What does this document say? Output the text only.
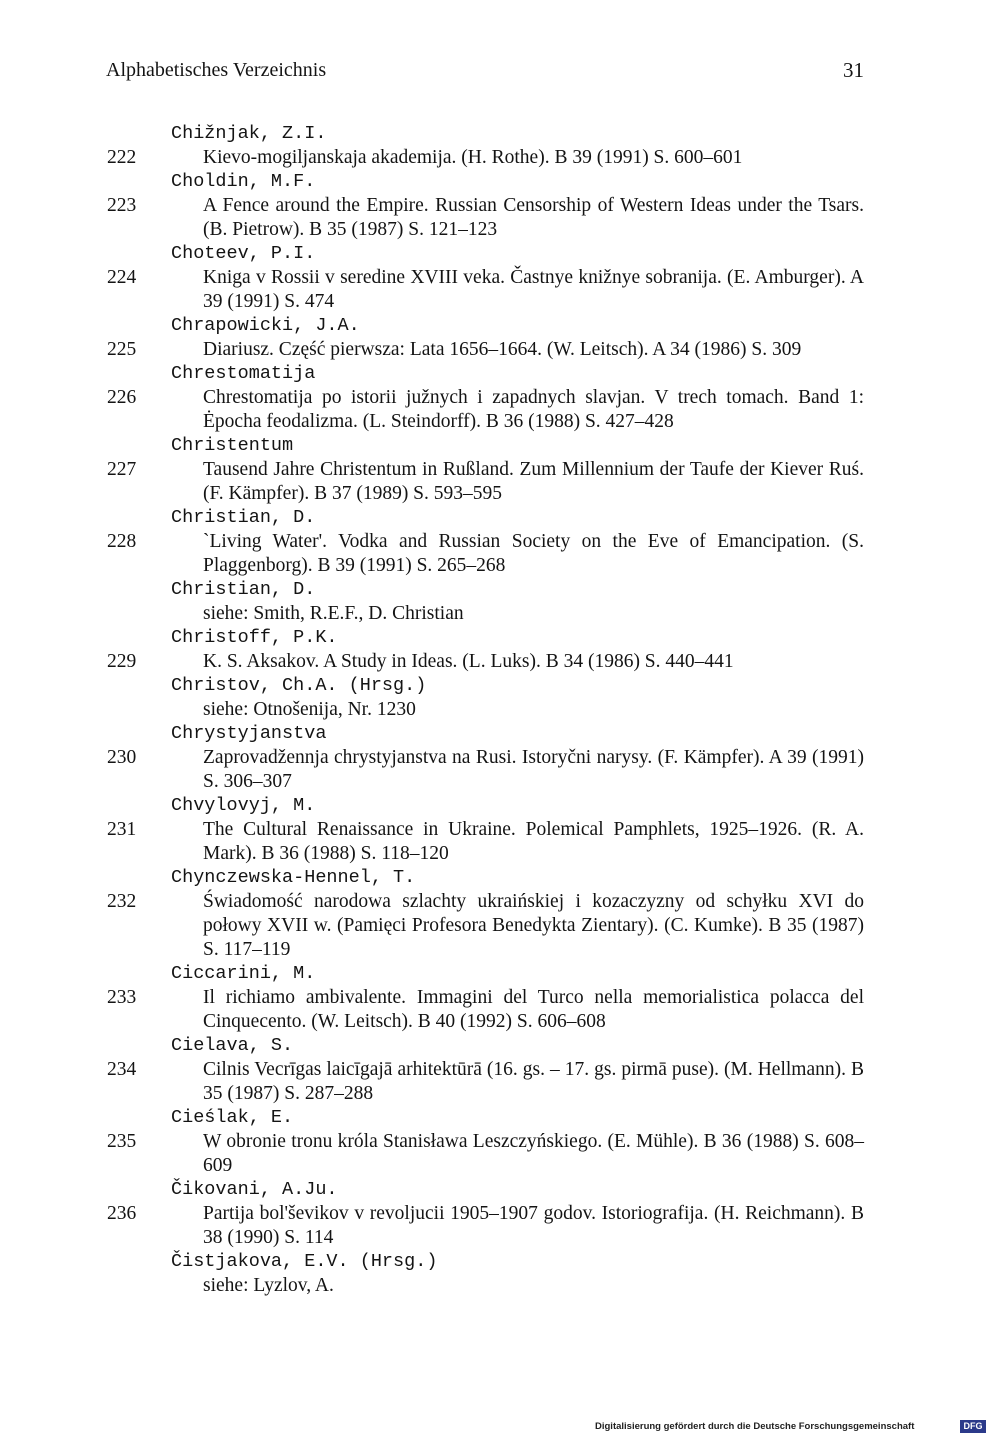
Alphabetisches Verzeichnis	31
Chižnjak, Z.I.
222	Kievo-mogiljanskaja akademija. (H. Rothe). B 39 (1991) S. 600–601
Choldin, M.F.
223	A Fence around the Empire. Russian Censorship of Western Ideas under the Tsars. (B. Pietrow). B 35 (1987) S. 121–123
Choteev, P.I.
224	Kniga v Rossii v seredine XVIII veka. Častnye knižnye sobranija. (E. Amburger). A 39 (1991) S. 474
Chrapowicki, J.A.
225	Diariusz. Część pierwsza: Lata 1656–1664. (W. Leitsch). A 34 (1986) S. 309
Chrestomatija
226	Chrestomatija po istorii južnych i zapadnych slavjan. V trech tomach. Band 1: Ėpocha feodalizma. (L. Steindorff). B 36 (1988) S. 427–428
Christentum
227	Tausend Jahre Christentum in Rußland. Zum Millennium der Taufe der Kiever Ruś. (F. Kämpfer). B 37 (1989) S. 593–595
Christian, D.
228	`Living Water'. Vodka and Russian Society on the Eve of Emancipation. (S. Plaggenborg). B 39 (1991) S. 265–268
Christian, D.
siehe: Smith, R.E.F., D. Christian
Christoff, P.K.
229	K. S. Aksakov. A Study in Ideas. (L. Luks). B 34 (1986) S. 440–441
Christov, Ch.A. (Hrsg.)
siehe: Otnošenija, Nr. 1230
Chrystyjanstva
230	Zaprovadžennja chrystyjanstva na Rusi. Istoryčni narysy. (F. Kämpfer). A 39 (1991) S. 306–307
Chvylovyj, M.
231	The Cultural Renaissance in Ukraine. Polemical Pamphlets, 1925–1926. (R. A. Mark). B 36 (1988) S. 118–120
Chynczewska-Hennel, T.
232	Świadomość narodowa szlachty ukraińskiej i kozaczyzny od schyłku XVI do połowy XVII w. (Pamięci Profesora Benedykta Zientary). (C. Kumke). B 35 (1987) S. 117–119
Ciccarini, M.
233	Il richiamo ambivalente. Immagini del Turco nella memorialistica polacca del Cinquecento. (W. Leitsch). B 40 (1992) S. 606–608
Cielava, S.
234	Cilnis Vecrīgas laicīgajā arhitektūrā (16. gs. – 17. gs. pirmā puse). (M. Hellmann). B 35 (1987) S. 287–288
Cieślak, E.
235	W obronie tronu króla Stanisława Leszczyńskiego. (E. Mühle). B 36 (1988) S. 608–609
Čikovani, A.Ju.
236	Partija bol'ševikov v revoljucii 1905–1907 godov. Istoriografija. (H. Reichmann). B 38 (1990) S. 114
Čistjakova, E.V. (Hrsg.)
siehe: Lyzlov, A.
Digitalisierung gefördert durch die Deutsche Forschungsgemeinschaft	DFG
